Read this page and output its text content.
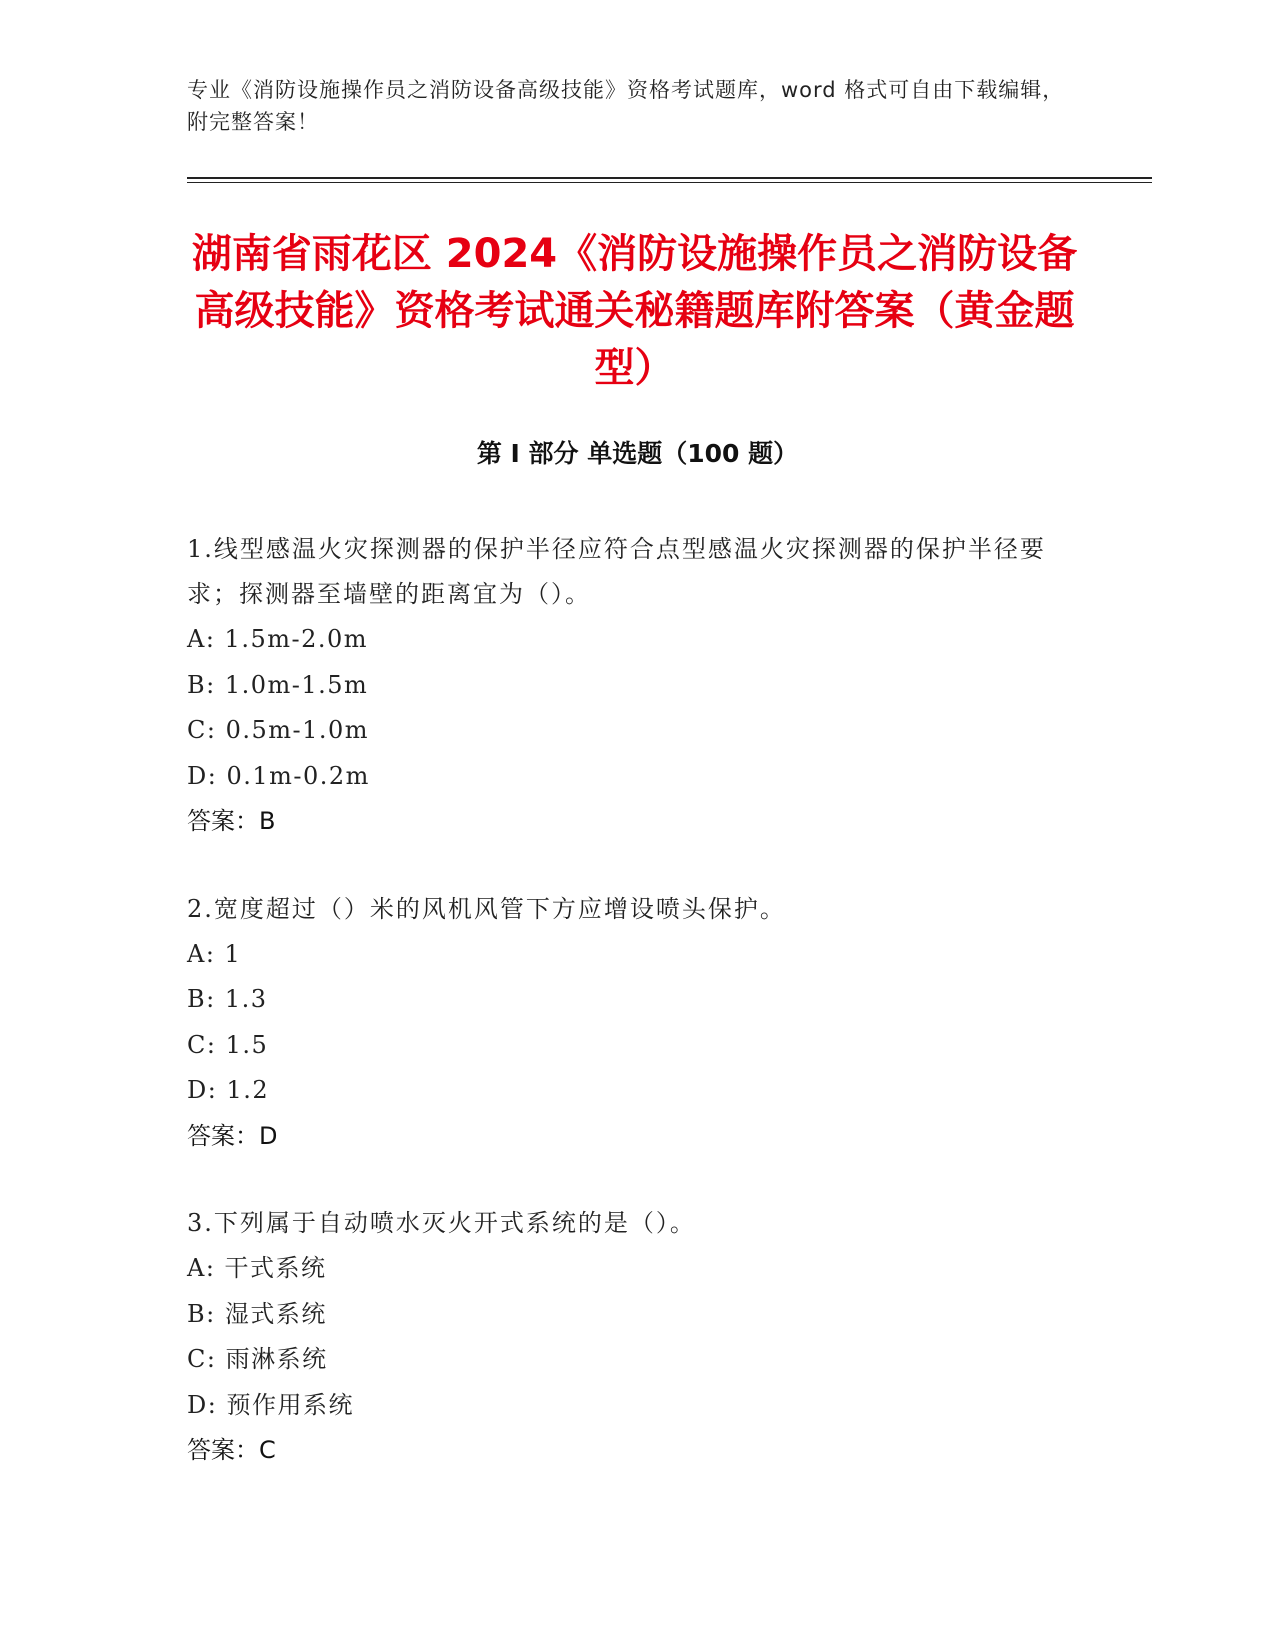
专业《消防设施操作员之消防设备高级技能》资格考试题库，word 格式可自由下载编辑，附完整答案！
湖南省雨花区 2024《消防设施操作员之消防设备高级技能》资格考试通关秘籍题库附答案（黄金题型）
第 I 部分 单选题（100 题）
1.线型感温火灾探测器的保护半径应符合点型感温火灾探测器的保护半径要求；探测器至墙壁的距离宜为（）。
A: 1.5m-2.0m
B: 1.0m-1.5m
C: 0.5m-1.0m
D: 0.1m-0.2m
答案：B
2.宽度超过（）米的风机风管下方应增设喷头保护。
A: 1
B: 1.3
C: 1.5
D: 1.2
答案：D
3.下列属于自动喷水灭火开式系统的是（）。
A: 干式系统
B: 湿式系统
C: 雨淋系统
D: 预作用系统
答案：C
